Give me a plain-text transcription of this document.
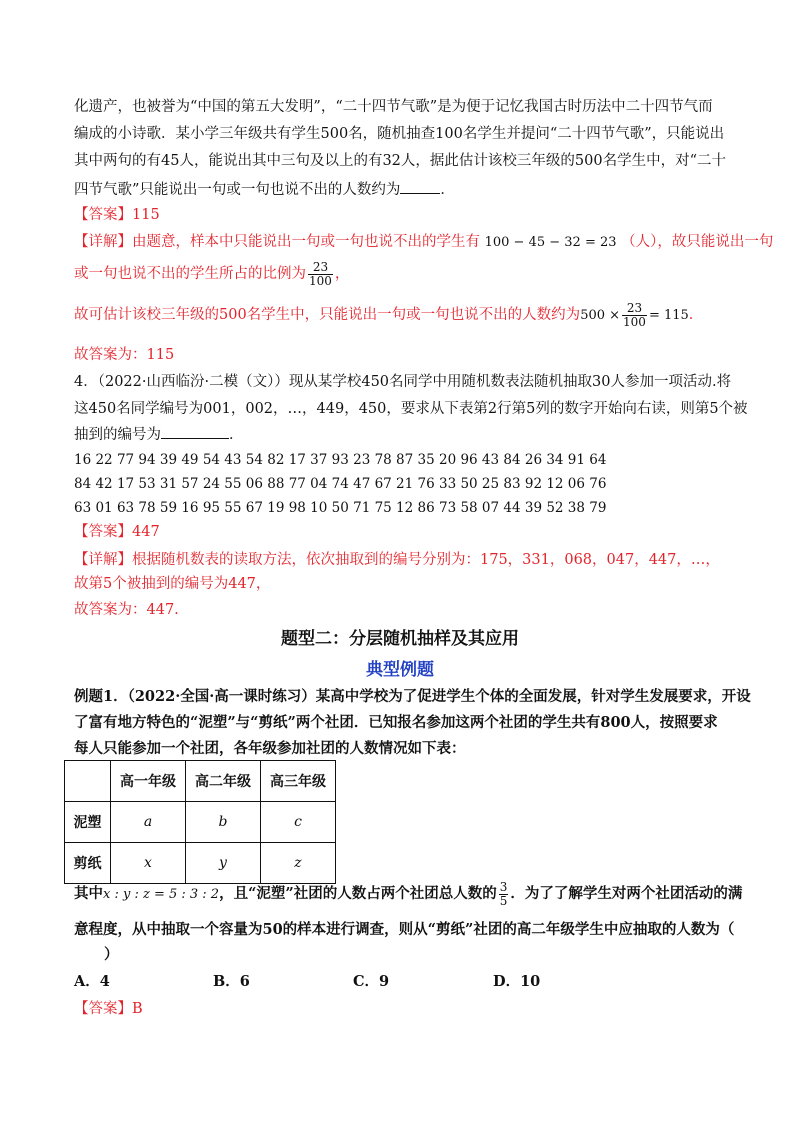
化遗产，也被誉为“中国的第五大发明”，“二十四节气歌”是为便于记忆我国古时历法中二十四节气而
编成的小诗歌．某小学三年级共有学生500名，随机抽查100名学生并提问“二十四节气歌”，只能说出
其中两句的有45人，能说出其中三句及以上的有32人，据此估计该校三年级的500名学生中，对“二十
四节气歌”只能说出一句或一句也说不出的人数约为	．
【答案】115
【详解】由题意，样本中只能说出一句或一句也说不出的学生有 100 − 45 − 32 = 23 （人），故只能说出一句
或一句也说不出的学生所占的比例为 $\frac{23}{100}$ ，
故可估计该校三年级的500名学生中，只能说出一句或一句也说不出的人数约为$500 \times \frac{23}{100} = 115$．
故答案为：115
4．（2022·山西临汾·二模（文））现从某学校450名同学中用随机数表法随机抽取30人参加一项活动.将
这450名同学编号为001，002，…，449，450，要求从下表第2行第5列的数字开始向右读，则第5个被
抽到的编号为	．
16 22 77 94 39 49 54 43 54 82 17 37 93 23 78 87 35 20 96 43 84 26 34 91 64
84 42 17 53 31 57 24 55 06 88 77 04 74 47 67 21 76 33 50 25 83 92 12 06 76
63 01 63 78 59 16 95 55 67 19 98 10 50 71 75 12 86 73 58 07 44 39 52 38 79
【答案】447
【详解】根据随机数表的读取方法，依次抽取到的编号分别为：175，331，068，047，447，…，
故第5个被抽到的编号为447，
故答案为：447.
题型二：分层随机抽样及其应用
典型例题
例题1．（2022·全国·高一课时练习）某高中学校为了促进学生个体的全面发展，针对学生发展要求，开设
了富有地方特色的“泥塑”与“剪纸”两个社团．已知报名参加这两个社团的学生共有800人，按照要求
每人只能参加一个社团，各年级参加社团的人数情况如下表：
	高一年级	高二年级	高三年级
泥塑	a	b	c
剪纸	x	y	z
其中x : y : z = 5 : 3 : 2，且“泥塑”社团的人数占两个社团总人数的 $\frac{3}{5}$ ．为了了解学生对两个社团活动的满
意程度，从中抽取一个容量为50的样本进行调查，则从“剪纸”社团的高二年级学生中应抽取的人数为（
）
A．4	B．6	C．9	D．10
【答案】B
